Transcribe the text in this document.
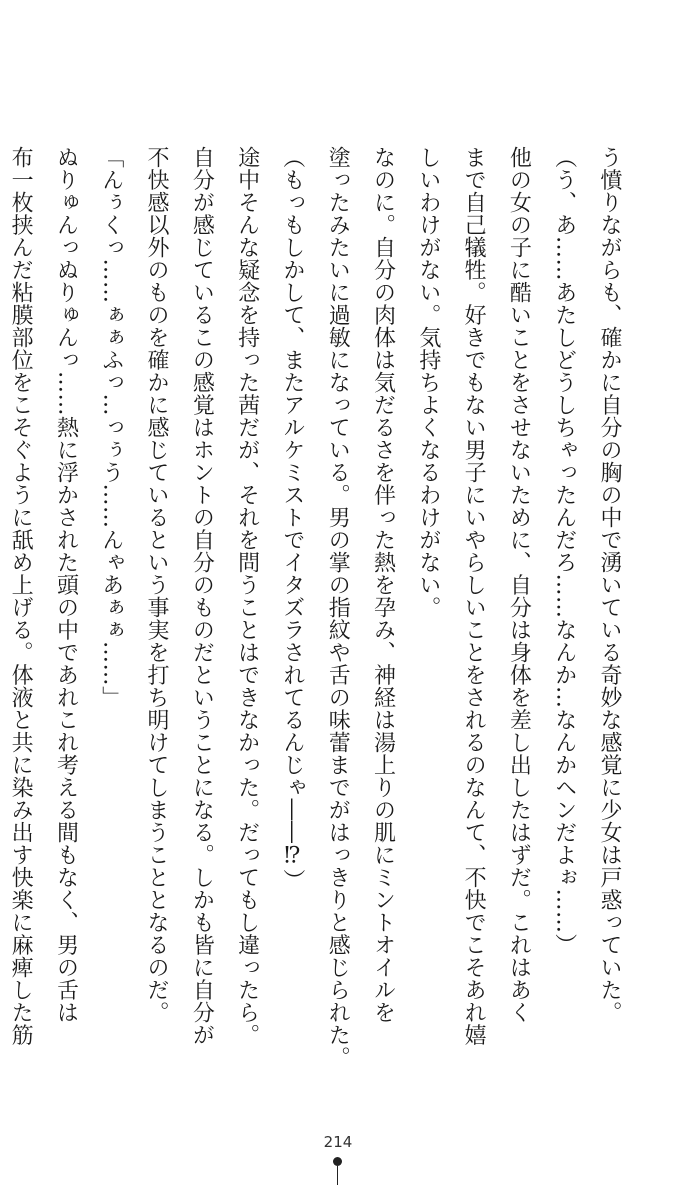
う憤りながらも、確かに自分の胸の中で湧いている奇妙な感覚に少女は戸惑っていた。

（う、あ……あたしどうしちゃったんだろ……なんか…なんかヘンだよぉ……）

他の女の子に酷いことをさせないために、自分は身体を差し出したはずだ。これはあく

まで自己犠牲。好きでもない男子にいやらしいことをされるのなんて、不快でこそあれ嬉

しいわけがない。気持ちよくなるわけがない。

なのに。自分の肉体は気だるさを伴った熱を孕み、神経は湯上りの肌にミントオイルを

塗ったみたいに過敏になっている。男の掌の指紋や舌の味蕾までがはっきりと感じられた。

（もっもしかして、またアルケミストでイタズラされてるんじゃ――⁉）

途中そんな疑念を持った茜だが、それを問うことはできなかった。だってもし違ったら。

自分が感じているこの感覚はホントの自分のものだということになる。しかも皆に自分が

不快感以外のものを確かに感じているという事実を打ち明けてしまうこととなるのだ。

「んぅくっ……ぁぁふっ…っぅう……んゃあぁぁ……」

ぬりゅんっぬりゅんっ……熱に浮かされた頭の中であれこれ考える間もなく、男の舌は

布一枚挟んだ粘膜部位をこそぐように舐め上げる。体液と共に染み出す快楽に麻痺した筋

214
